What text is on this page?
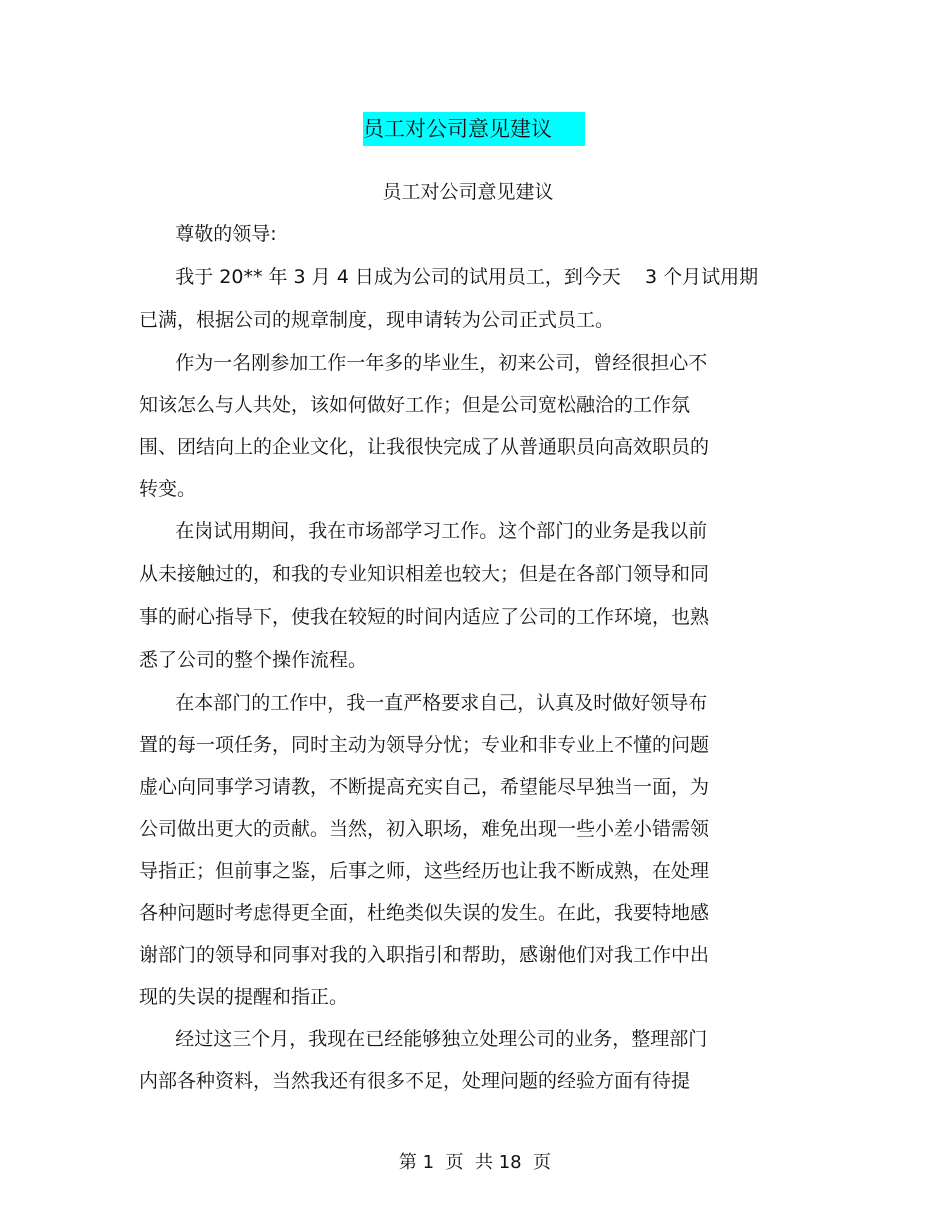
员工对公司意见建议
员工对公司意见建议
尊敬的领导:
我于 20** 年 3 月 4 日成为公司的试用员工，到今天    3 个月试用期
已满，根据公司的规章制度，现申请转为公司正式员工。
作为一名刚参加工作一年多的毕业生，初来公司，曾经很担心不
知该怎么与人共处，该如何做好工作；但是公司宽松融洽的工作氛
围、团结向上的企业文化，让我很快完成了从普通职员向高效职员的
转变。
在岗试用期间，我在市场部学习工作。这个部门的业务是我以前
从未接触过的，和我的专业知识相差也较大；但是在各部门领导和同
事的耐心指导下，使我在较短的时间内适应了公司的工作环境，也熟
悉了公司的整个操作流程。
在本部门的工作中，我一直严格要求自己，认真及时做好领导布
置的每一项任务，同时主动为领导分忧；专业和非专业上不懂的问题
虚心向同事学习请教，不断提高充实自己，希望能尽早独当一面，为
公司做出更大的贡献。当然，初入职场，难免出现一些小差小错需领
导指正；但前事之鉴，后事之师，这些经历也让我不断成熟，在处理
各种问题时考虑得更全面，杜绝类似失误的发生。在此，我要特地感
谢部门的领导和同事对我的入职指引和帮助，感谢他们对我工作中出
现的失误的提醒和指正。
经过这三个月，我现在已经能够独立处理公司的业务，整理部门
内部各种资料，当然我还有很多不足，处理问题的经验方面有待提
第 1  页  共 18  页
